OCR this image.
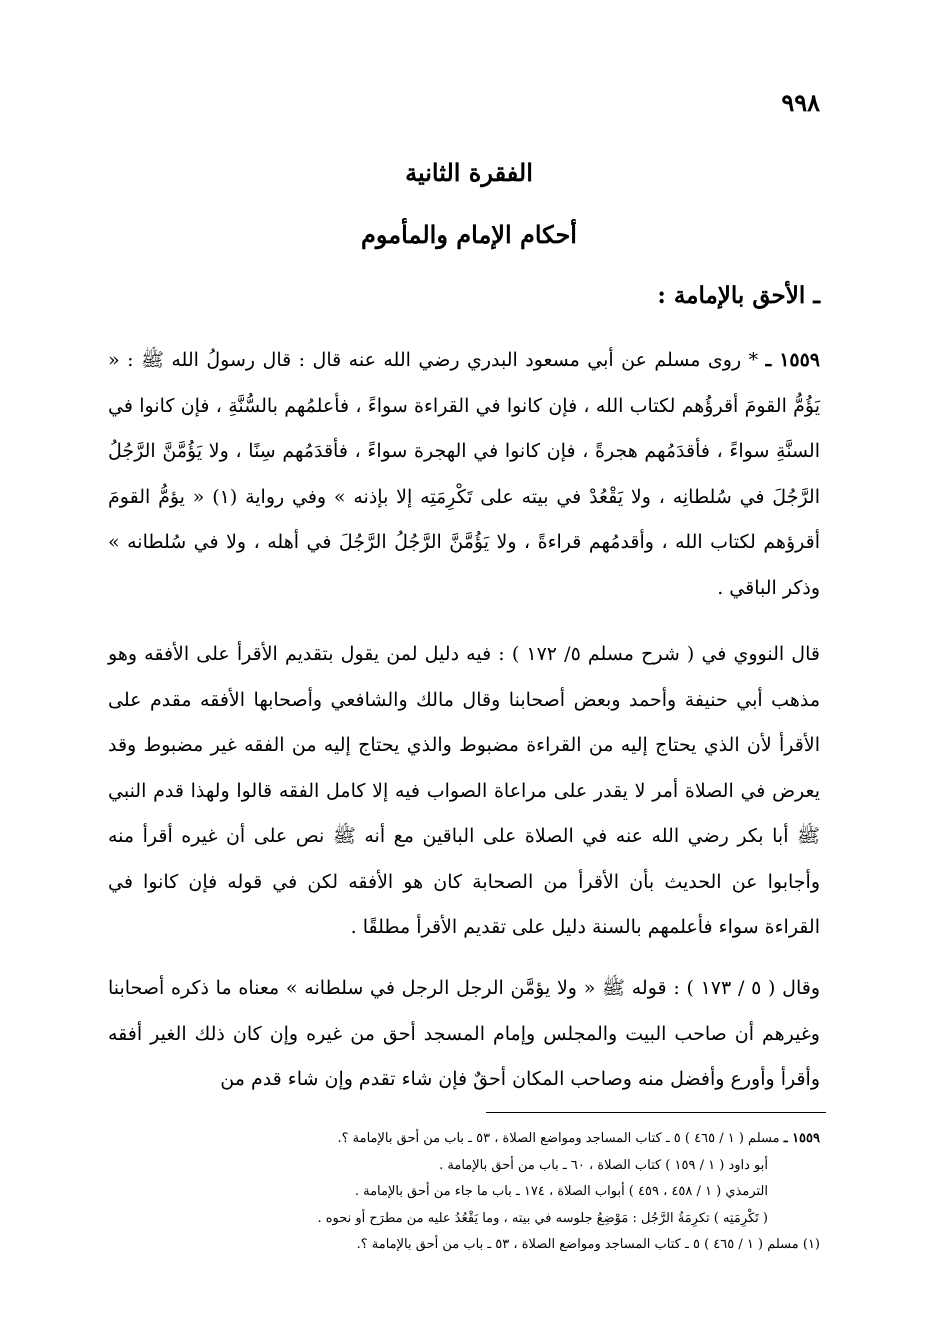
٩٩٨

الفقرة الثانية
أحكام الإمام والمأموم
ـ الأحق بالإمامة :

١٥٥٩ ـ * روى مسلم عن أبي مسعود البدري رضي الله عنه قال : قال رسولُ الله ﷺ : « يَؤُمُّ القومَ أقرؤُهم لكتاب الله ، فإن كانوا في القراءة سواءً ، فأعلمُهم بالسُّنَّةِ ، فإن كانوا في السنَّةِ سواءً ، فأقدَمُهم هجرةً ، فإن كانوا في الهجرة سواءً ، فأقدَمُهم سِنًا ، ولا يَؤُمَّنَّ الرَّجُلُ الرَّجُلَ في سُلطانِه ، ولا يَقْعُدْ في بيته على تَكْرِمَتِه إلا بإذنه » وفي رواية (١) « يؤمُّ القومَ أقرؤهم لكتاب الله ، وأقدمُهم قراءةً ، ولا يَؤُمَّنَّ الرَّجُلُ الرَّجُلَ في أهله ، ولا في سُلطانه » وذكر الباقي .

قال النووي في ( شرح مسلم ٥/ ١٧٢ ) : فيه دليل لمن يقول بتقديم الأقرأ على الأفقه وهو مذهب أبي حنيفة وأحمد وبعض أصحابنا وقال مالك والشافعي وأصحابها الأفقه مقدم على الأقرأ لأن الذي يحتاج إليه من القراءة مضبوط والذي يحتاج إليه من الفقه غير مضبوط وقد يعرض في الصلاة أمر لا يقدر على مراعاة الصواب فيه إلا كامل الفقه قالوا ولهذا قدم النبي ﷺ أبا بكر رضي الله عنه في الصلاة على الباقين مع أنه ﷺ نص على أن غيره أقرأ منه وأجابوا عن الحديث بأن الأقرأ من الصحابة كان هو الأفقه لكن في قوله فإن كانوا في القراءة سواء فأعلمهم بالسنة دليل على تقديم الأقرأ مطلقًا .

وقال ( ٥ / ١٧٣ ) : قوله ﷺ « ولا يؤمَّن الرجل الرجل في سلطانه » معناه ما ذكره أصحابنا وغيرهم أن صاحب البيت والمجلس وإمام المسجد أحق من غيره وإن كان ذلك الغير أفقه وأقرأ وأورع وأفضل منه وصاحب المكان أحقٌ فإن شاء تقدم وإن شاء قدم من

١٥٥٩ ـ مسلم ( ١ / ٤٦٥ ) ٥ ـ كتاب المساجد ومواضع الصلاة ، ٥٣ ـ باب من أحق بالإمامة ؟.
أبو داود ( ١ / ١٥٩ ) كتاب الصلاة ، ٦٠ ـ باب من أحق بالإمامة .
الترمذي ( ١ / ٤٥٨ ، ٤٥٩ ) أبواب الصلاة ، ١٧٤ ـ باب ما جاء من أحق بالإمامة .
( تَكْرِمَتِه ) تكرِمَةُ الرَّجُل : مَوْضِعُ جلوسه في بيته ، وما يَقْعُدُ عليه من مطرَح أو نحوه .
(١) مسلم ( ١ / ٤٦٥ ) ٥ ـ كتاب المساجد ومواضع الصلاة ، ٥٣ ـ باب من أحق بالإمامة ؟.
